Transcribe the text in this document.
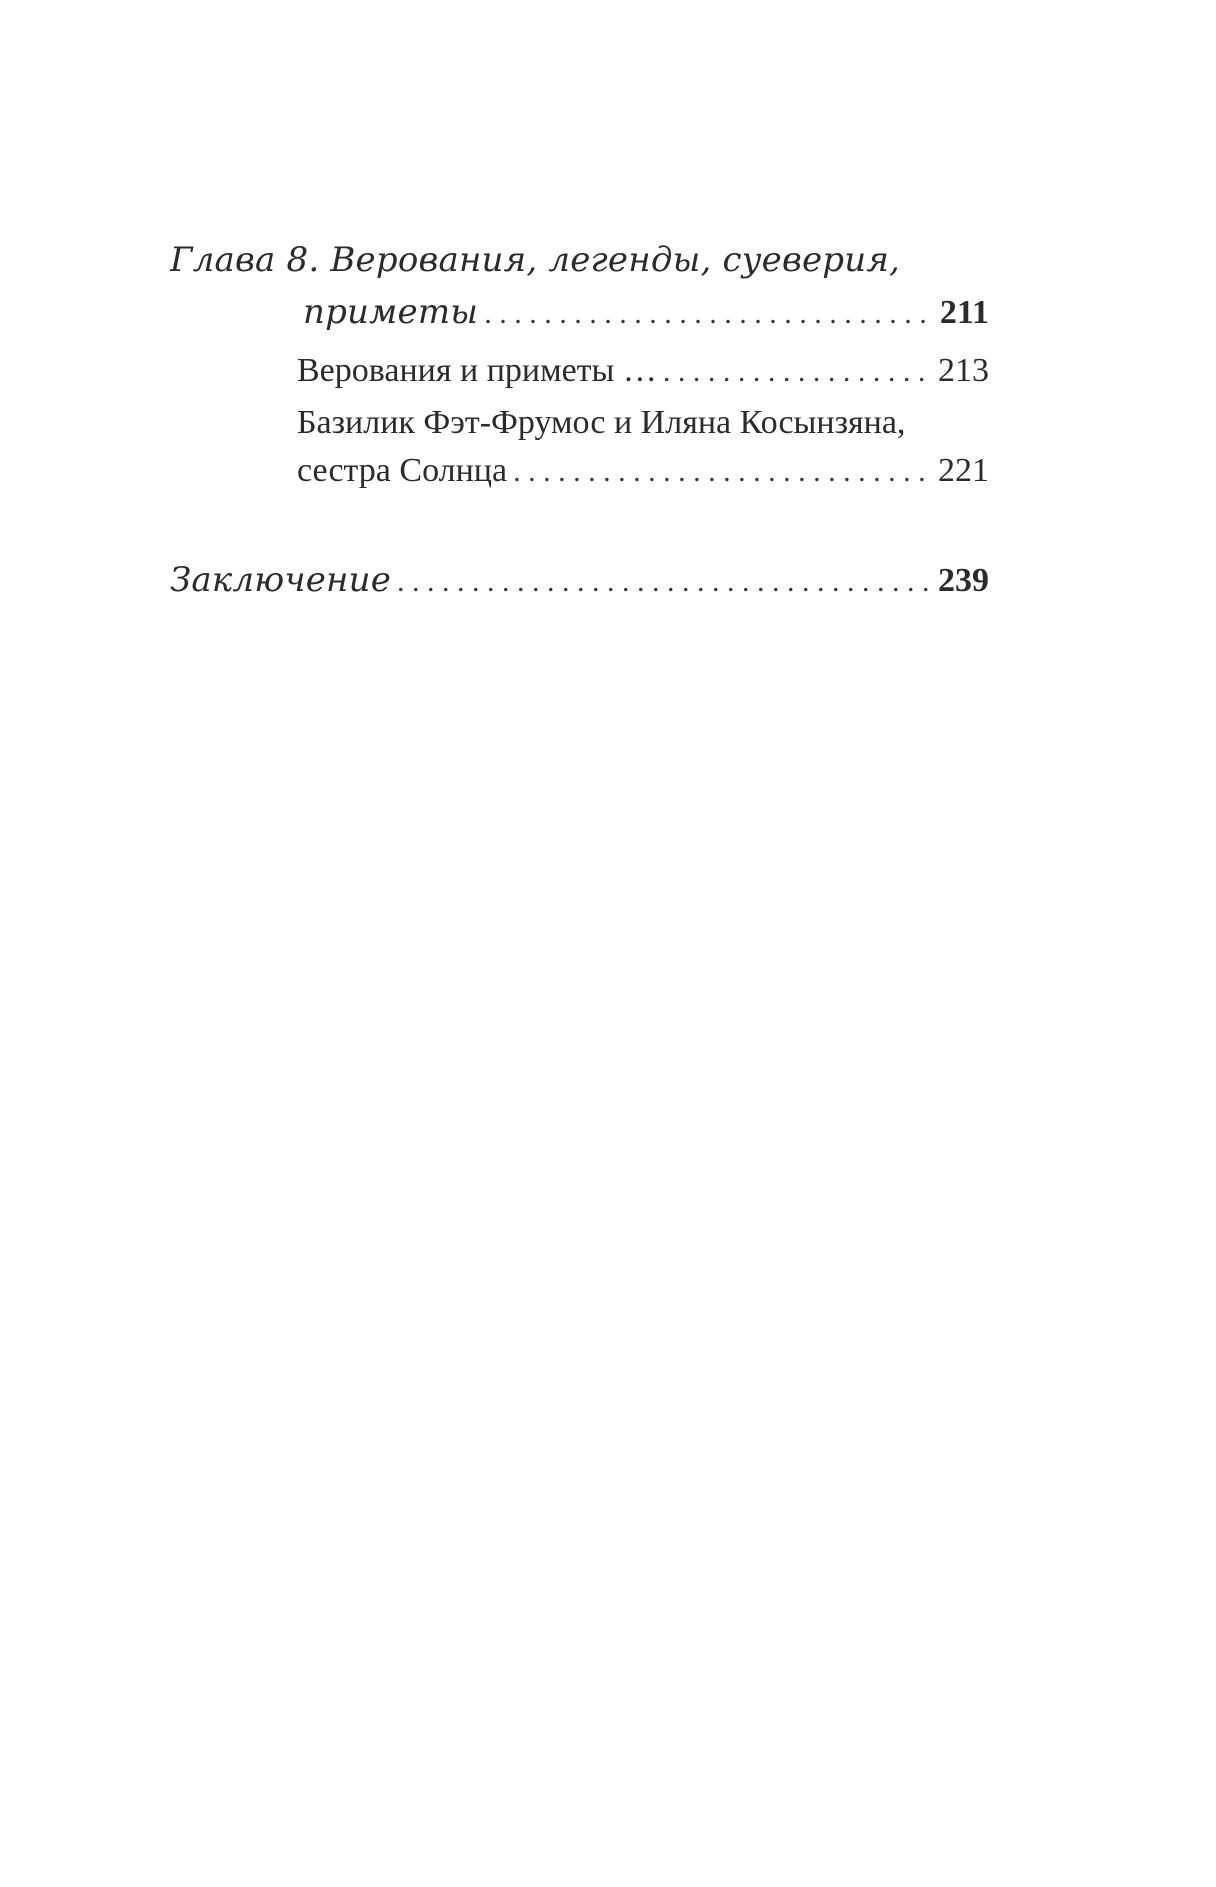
Глава 8. Верования, легенды, суеверия,
приметы . . .	211
Верования и приметы … . . .	213
Базилик Фэт-Фрумос и Иляна Косынзяна,
сестра Солнца . . .	221
Заключение . . .	239
